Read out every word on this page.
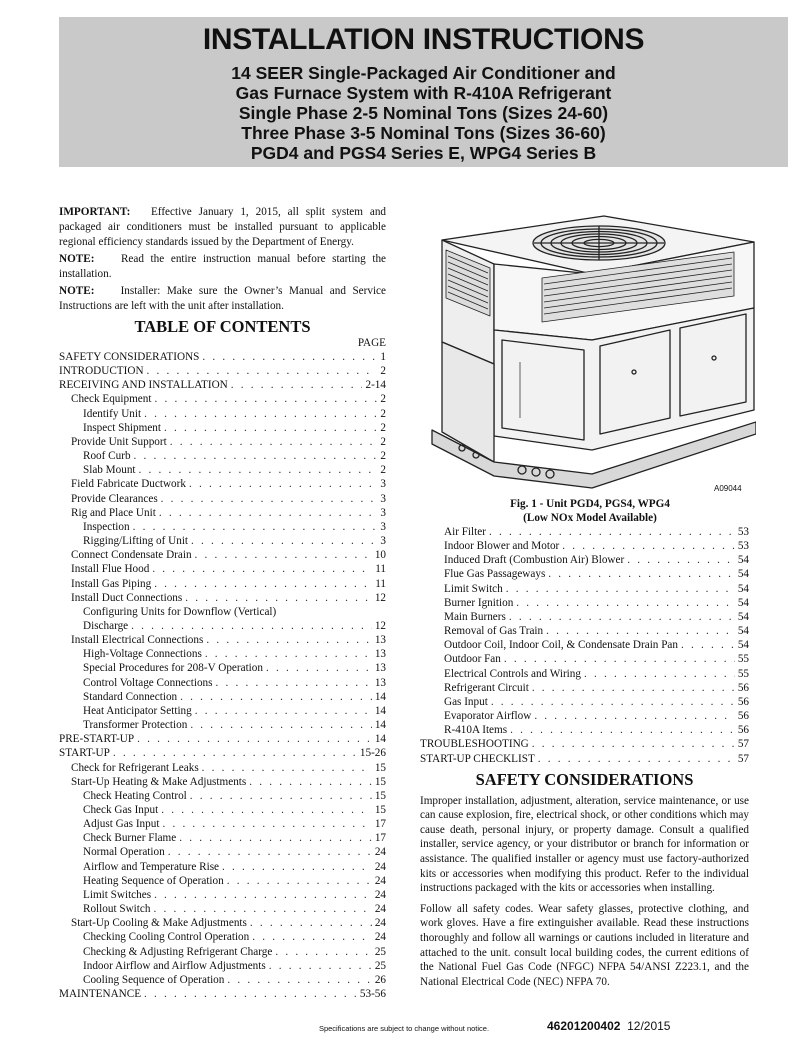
INSTALLATION INSTRUCTIONS
14 SEER Single-Packaged Air Conditioner and
Gas Furnace System with R-410A Refrigerant
Single Phase 2-5 Nominal Tons (Sizes 24-60)
Three Phase 3-5 Nominal Tons (Sizes 36-60)
PGD4 and PGS4 Series E, WPG4 Series B

IMPORTANT: Effective January 1, 2015, all split system and packaged air conditioners must be installed pursuant to applicable regional efficiency standards issued by the Department of Energy.

NOTE: Read the entire instruction manual before starting the installation.

NOTE: Installer: Make sure the Owner’s Manual and Service Instructions are left with the unit after installation.

TABLE OF CONTENTS
PAGE
SAFETY CONSIDERATIONS . . .	1
INTRODUCTION . . .	2
RECEIVING AND INSTALLATION . . .	2-14
Check Equipment . . .	2
Identify Unit . . .	2
Inspect Shipment . . .	2
Provide Unit Support . . .	2
Roof Curb . . .	2
Slab Mount . . .	2
Field Fabricate Ductwork . . .	3
Provide Clearances . . .	3
Rig and Place Unit . . .	3
Inspection . . .	3
Rigging/Lifting of Unit . . .	3
Connect Condensate Drain . . .	10
Install Flue Hood . . .	11
Install Gas Piping . . .	11
Install Duct Connections . . .	12
Configuring Units for Downflow (Vertical)
Discharge . . .	12
Install Electrical Connections . . .	13
High-Voltage Connections . . .	13
Special Procedures for 208-V Operation . . .	13
Control Voltage Connections . . .	13
Standard Connection . . .	14
Heat Anticipator Setting . . .	14
Transformer Protection . . .	14
PRE-START-UP . . .	14
START-UP . . .	15-26
Check for Refrigerant Leaks . . .	15
Start-Up Heating & Make Adjustments . . .	15
Check Heating Control . . .	15
Check Gas Input . . .	15
Adjust Gas Input . . .	17
Check Burner Flame . . .	17
Normal Operation . . .	24
Airflow and Temperature Rise . . .	24
Heating Sequence of Operation . . .	24
Limit Switches . . .	24
Rollout Switch . . .	24
Start-Up Cooling & Make Adjustments . . .	24
Checking Cooling Control Operation . . .	24
Checking & Adjusting Refrigerant Charge . . .	25
Indoor Airflow and Airflow Adjustments . . .	25
Cooling Sequence of Operation . . .	26
MAINTENANCE . . .	53-56
A09044
Fig. 1 - Unit PGD4, PGS4, WPG4
(Low NOx Model Available)
Air Filter . . .	53
Indoor Blower and Motor . . .	53
Induced Draft (Combustion Air) Blower . . .	54
Flue Gas Passageways . . .	54
Limit Switch . . .	54
Burner Ignition . . .	54
Main Burners . . .	54
Removal of Gas Train . . .	54
Outdoor Coil, Indoor Coil, & Condensate Drain Pan . . .	54
Outdoor Fan . . .	55
Electrical Controls and Wiring . . .	55
Refrigerant Circuit . . .	56
Gas Input . . .	56
Evaporator Airflow . . .	56
R-410A Items . . .	56
TROUBLESHOOTING . . .	57
START-UP CHECKLIST . . .	57
SAFETY CONSIDERATIONS

Improper installation, adjustment, alteration, service maintenance, or use can cause explosion, fire, electrical shock, or other conditions which may cause death, personal injury, or property damage. Consult a qualified installer, service agency, or your distributor or branch for information or assistance. The qualified installer or agency must use factory-authorized kits or accessories when modifying this product. Refer to the individual instructions packaged with the kits or accessories when installing.

Follow all safety codes. Wear safety glasses, protective clothing, and work gloves. Have a fire extinguisher available. Read these instructions thoroughly and follow all warnings or cautions included in literature and attached to the unit. consult local building codes, the current editions of the National Fuel Gas Code (NFGC) NFPA 54/ANSI Z223.1, and the National Electrical Code (NEC) NFPA 70.

Specifications are subject to change without notice.	46201200402 12/2015
